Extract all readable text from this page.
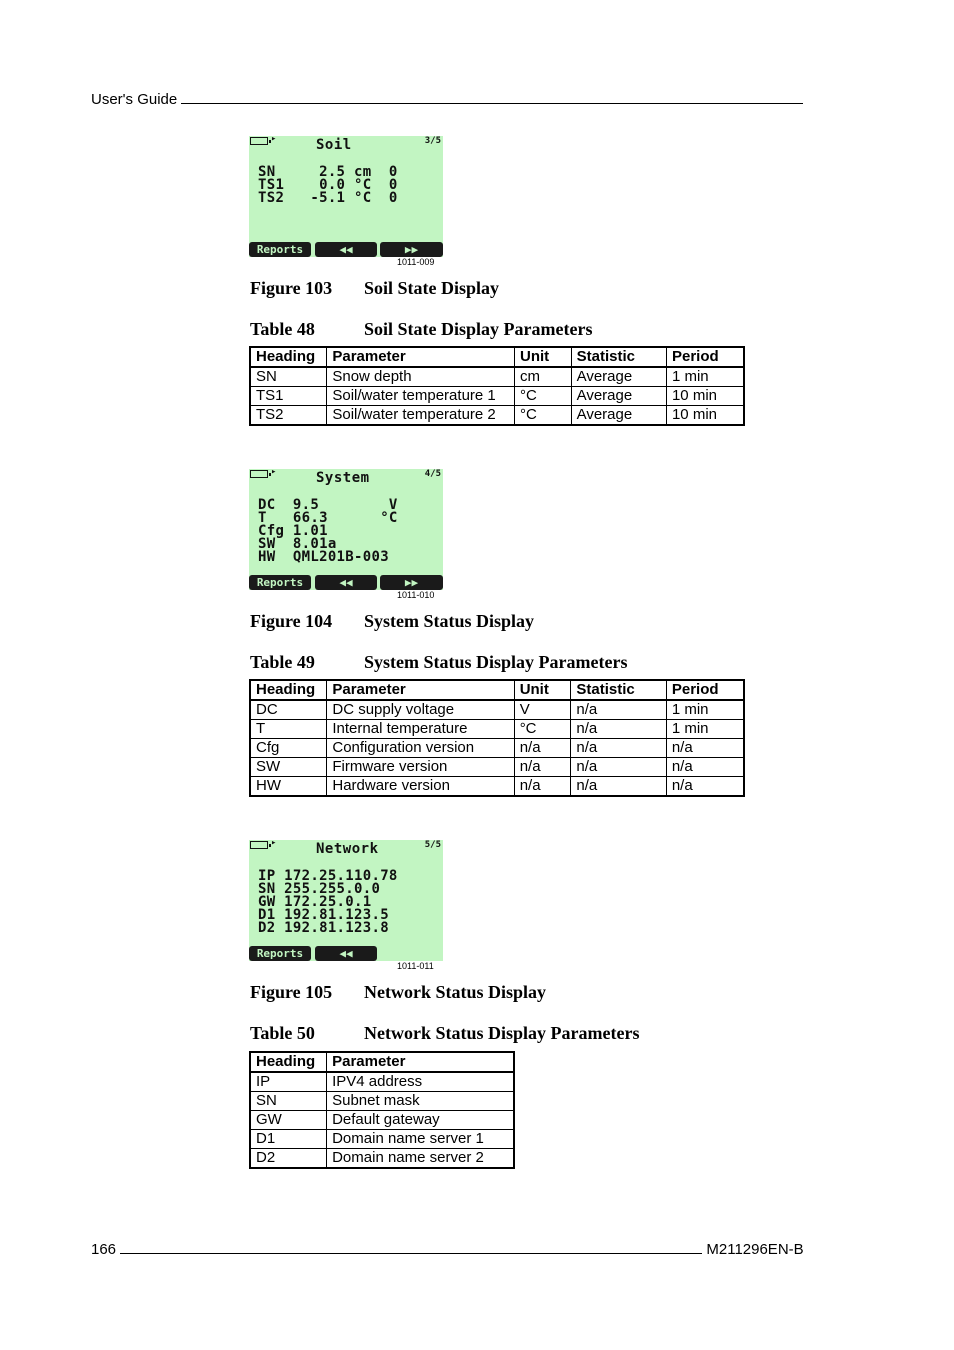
User's Guide
▸	Soil	3/5
SN     2.5 cm  0
TS1    0.0 °C  0
TS2   -5.1 °C  0
Reports	◀◀	▶▶
1011-009
Figure 103 Soil State Display
Table 48	Soil State Display Parameters
Heading	Parameter	Unit	Statistic	Period
SN	Snow depth	cm	Average	1 min
TS1	Soil/water temperature 1	°C	Average	10 min
TS2	Soil/water temperature 2	°C	Average	10 min
▸	System	4/5
DC  9.5        V
T   66.3      °C
Cfg 1.01
SW  8.01a
HW  QML201B-003
Reports	◀◀	▶▶
1011-010
Figure 104 System Status Display
Table 49	System Status Display Parameters
Heading	Parameter	Unit	Statistic	Period
DC	DC supply voltage	V	n/a	1 min
T	Internal temperature	°C	n/a	1 min
Cfg	Configuration version	n/a	n/a	n/a
SW	Firmware version	n/a	n/a	n/a
HW	Hardware version	n/a	n/a	n/a
▸	Network	5/5
IP 172.25.110.78
SN 255.255.0.0
GW 172.25.0.1
D1 192.81.123.5
D2 192.81.123.8
Reports	◀◀
1011-011
Figure 105 Network Status Display
Table 50	Network Status Display Parameters
Heading	Parameter
IP	IPV4 address
SN	Subnet mask
GW	Default gateway
D1	Domain name server 1
D2	Domain name server 2
166	M211296EN-B
